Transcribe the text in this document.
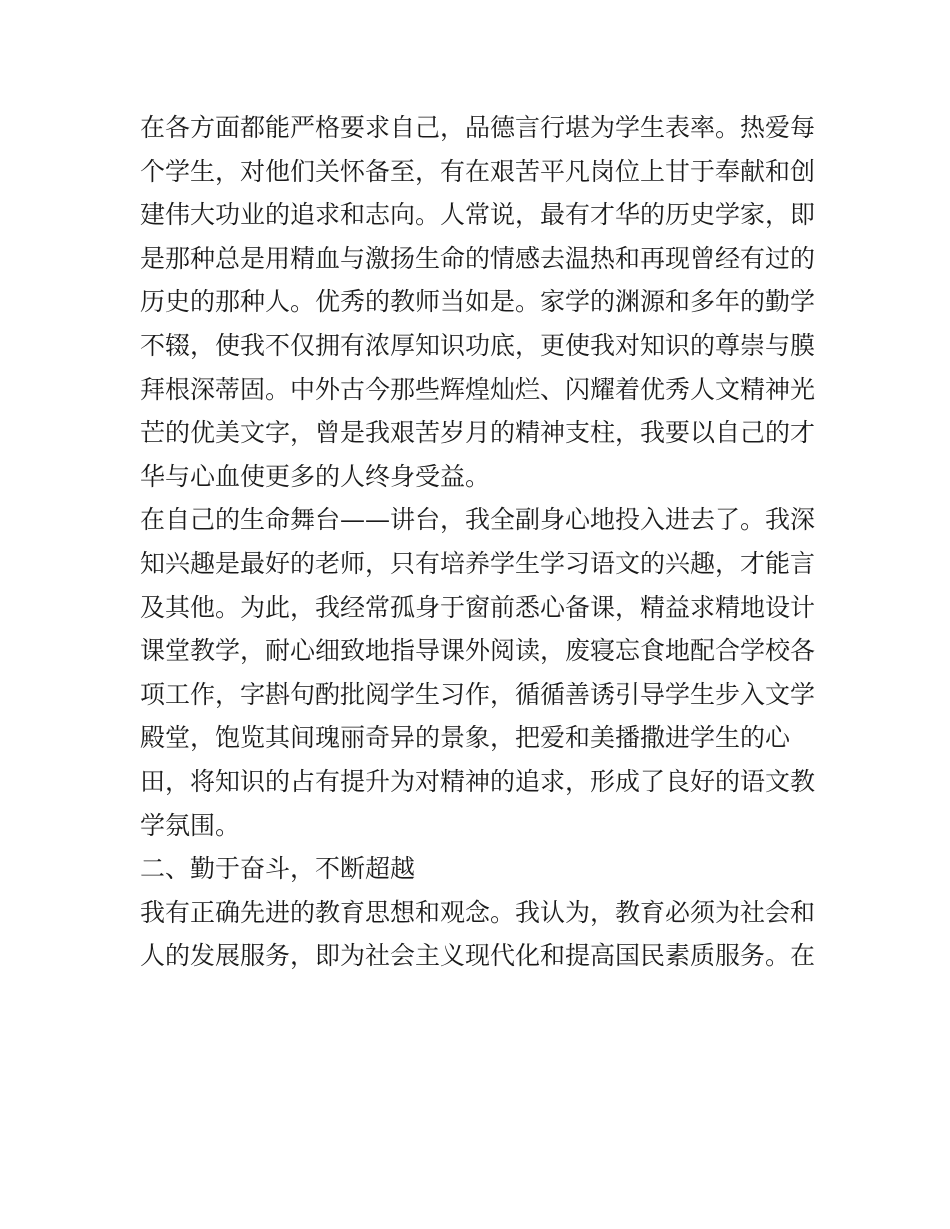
在各方面都能严格要求自己，品德言行堪为学生表率。热爱每
个学生，对他们关怀备至，有在艰苦平凡岗位上甘于奉献和创
建伟大功业的追求和志向。人常说，最有才华的历史学家，即
是那种总是用精血与激扬生命的情感去温热和再现曾经有过的
历史的那种人。优秀的教师当如是。家学的渊源和多年的勤学
不辍，使我不仅拥有浓厚知识功底，更使我对知识的尊崇与膜
拜根深蒂固。中外古今那些辉煌灿烂、闪耀着优秀人文精神光
芒的优美文字，曾是我艰苦岁月的精神支柱，我要以自己的才
华与心血使更多的人终身受益。
在自己的生命舞台——讲台，我全副身心地投入进去了。我深
知兴趣是最好的老师，只有培养学生学习语文的兴趣，才能言
及其他。为此，我经常孤身于窗前悉心备课，精益求精地设计
课堂教学，耐心细致地指导课外阅读，废寝忘食地配合学校各
项工作，字斟句酌批阅学生习作，循循善诱引导学生步入文学
殿堂，饱览其间瑰丽奇异的景象，把爱和美播撒进学生的心
田，将知识的占有提升为对精神的追求，形成了良好的语文教
学氛围。
二、勤于奋斗，不断超越
我有正确先进的教育思想和观念。我认为，教育必须为社会和
人的发展服务，即为社会主义现代化和提高国民素质服务。在
